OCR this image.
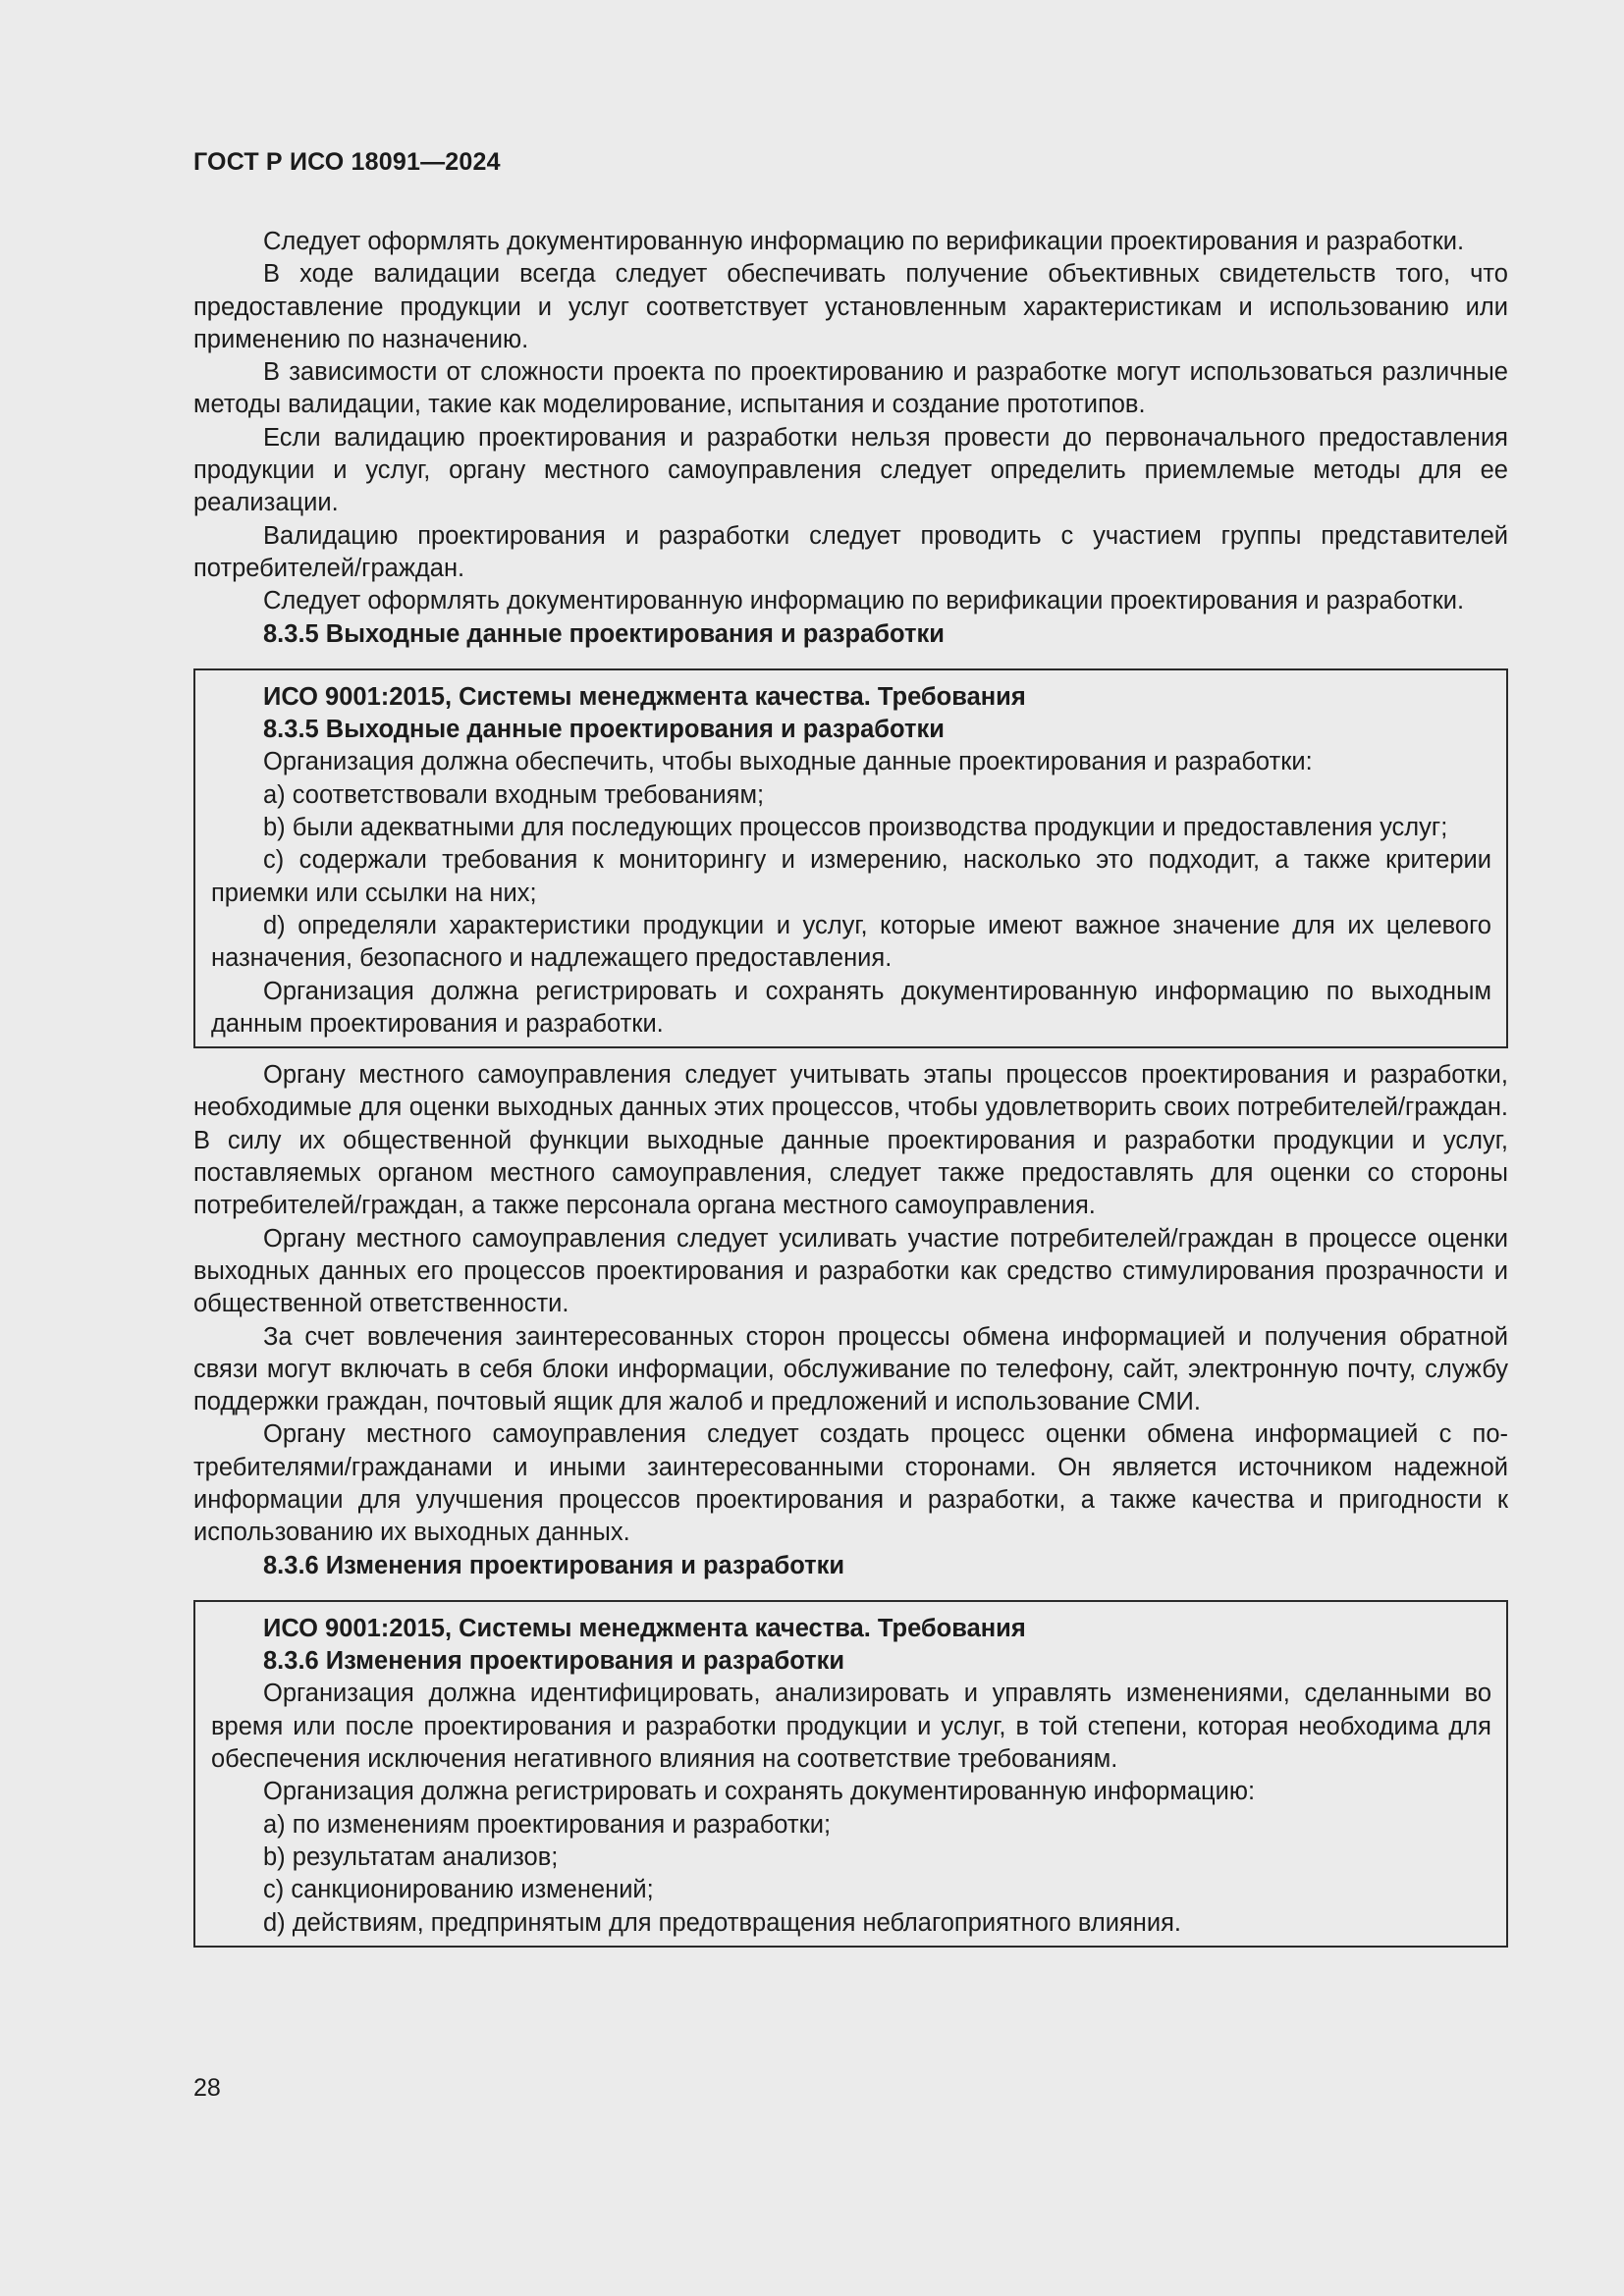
ГОСТ Р ИСО 18091—2024

Следует оформлять документированную информацию по верификации проектирования и разработки.

В ходе валидации всегда следует обеспечивать получение объективных свидетельств того, что предоставление продукции и услуг соответствует установленным характеристикам и использованию или применению по назначению.

В зависимости от сложности проекта по проектированию и разработке могут использоваться различные методы валидации, такие как моделирование, испытания и создание прототипов.

Если валидацию проектирования и разработки нельзя провести до первоначального предоставления продукции и услуг, органу местного самоуправления следует определить приемлемые методы для ее реализации.

Валидацию проектирования и разработки следует проводить с участием группы представителей потребителей/граждан.

Следует оформлять документированную информацию по верификации проектирования и разработки.

8.3.5 Выходные данные проектирования и разработки

ИСО 9001:2015, Системы менеджмента качества. Требования

8.3.5 Выходные данные проектирования и разработки

Организация должна обеспечить, чтобы выходные данные проектирования и разработки:

a) соответствовали входным требованиям;

b) были адекватными для последующих процессов производства продукции и предоставления услуг;

c) содержали требования к мониторингу и измерению, насколько это подходит, а также критерии приемки или ссылки на них;

d) определяли характеристики продукции и услуг, которые имеют важное значение для их целевого назначения, безопасного и надлежащего предоставления.

Организация должна регистрировать и сохранять документированную информацию по выходным данным проектирования и разработки.

Органу местного самоуправления следует учитывать этапы процессов проектирования и разработки, необходимые для оценки выходных данных этих процессов, чтобы удовлетворить своих потребителей/граждан. В силу их общественной функции выходные данные проектирования и разработки продукции и услуг, поставляемых органом местного самоуправления, следует также предоставлять для оценки со стороны потребителей/граждан, а также персонала органа местного самоуправления.

Органу местного самоуправления следует усиливать участие потребителей/граждан в процессе оценки выходных данных его процессов проектирования и разработки как средство стимулирования прозрачности и общественной ответственности.

За счет вовлечения заинтересованных сторон процессы обмена информацией и получения обратной связи могут включать в себя блоки информации, обслуживание по телефону, сайт, электронную почту, службу поддержки граждан, почтовый ящик для жалоб и предложений и использование СМИ.

Органу местного самоуправления следует создать процесс оценки обмена информацией с потребителями/гражданами и иными заинтересованными сторонами. Он является источником надежной информации для улучшения процессов проектирования и разработки, а также качества и пригодности к использованию их выходных данных.

8.3.6 Изменения проектирования и разработки

ИСО 9001:2015, Системы менеджмента качества. Требования

8.3.6 Изменения проектирования и разработки

Организация должна идентифицировать, анализировать и управлять изменениями, сделанными во время или после проектирования и разработки продукции и услуг, в той степени, которая необходима для обеспечения исключения негативного влияния на соответствие требованиям.

Организация должна регистрировать и сохранять документированную информацию:

a) по изменениям проектирования и разработки;

b) результатам анализов;

c) санкционированию изменений;

d) действиям, предпринятым для предотвращения неблагоприятного влияния.

28
